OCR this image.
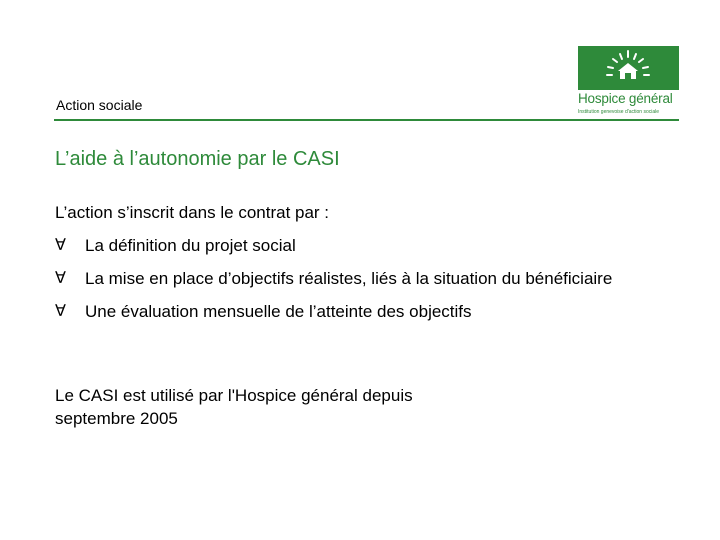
Action sociale	Hospice général
Institution genevoise d'action sociale
L’aide à l’autonomie par le CASI
L’action s’inscrit dans le contrat par :
∀ La définition du projet social
∀ La mise en place d’objectifs réalistes, liés à la situation du bénéficiaire
∀ Une évaluation mensuelle de l’atteinte des objectifs
Le CASI est utilisé par l'Hospice général depuis
septembre 2005
